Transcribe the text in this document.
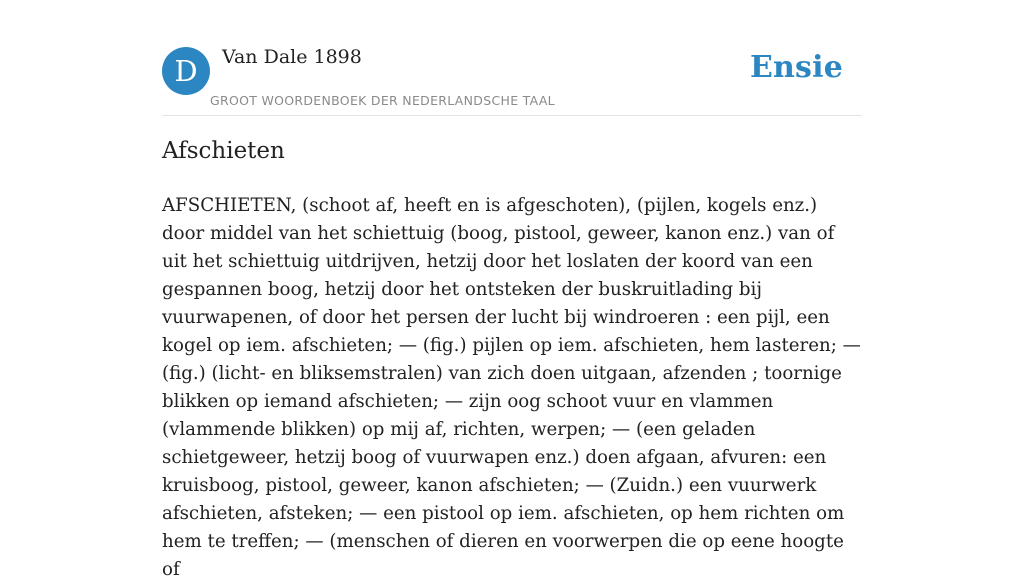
D	Van Dale 1898
GROOT WOORDENBOEK DER NEDERLANDSCHE TAAL
Ensie
Afschieten

AFSCHIETEN, (schoot af, heeft en is afgeschoten), (pijlen, kogels enz.) door middel van het schiettuig (boog, pistool, geweer, kanon enz.) van of uit het schiettuig uitdrijven, hetzij door het loslaten der koord van een gespannen boog, hetzij door het ontsteken der buskruitlading bij vuurwapenen, of door het persen der lucht bij windroeren : een pijl, een kogel op iem. afschieten; — (fig.) pijlen op iem. afschieten, hem lasteren; — (fig.) (licht- en bliksemstralen) van zich doen uitgaan, afzenden ; toornige blikken op iemand afschieten; — zijn oog schoot vuur en vlammen (vlammende blikken) op mij af, richten, werpen; — (een geladen schietgeweer, hetzij boog of vuurwapen enz.) doen afgaan, afvuren: een kruisboog, pistool, geweer, kanon afschieten; — (Zuidn.) een vuurwerk afschieten, afsteken; — een pistool op iem. afschieten, op hem richten om hem te treffen; — (menschen of dieren en voorwerpen die op eene hoogte of
